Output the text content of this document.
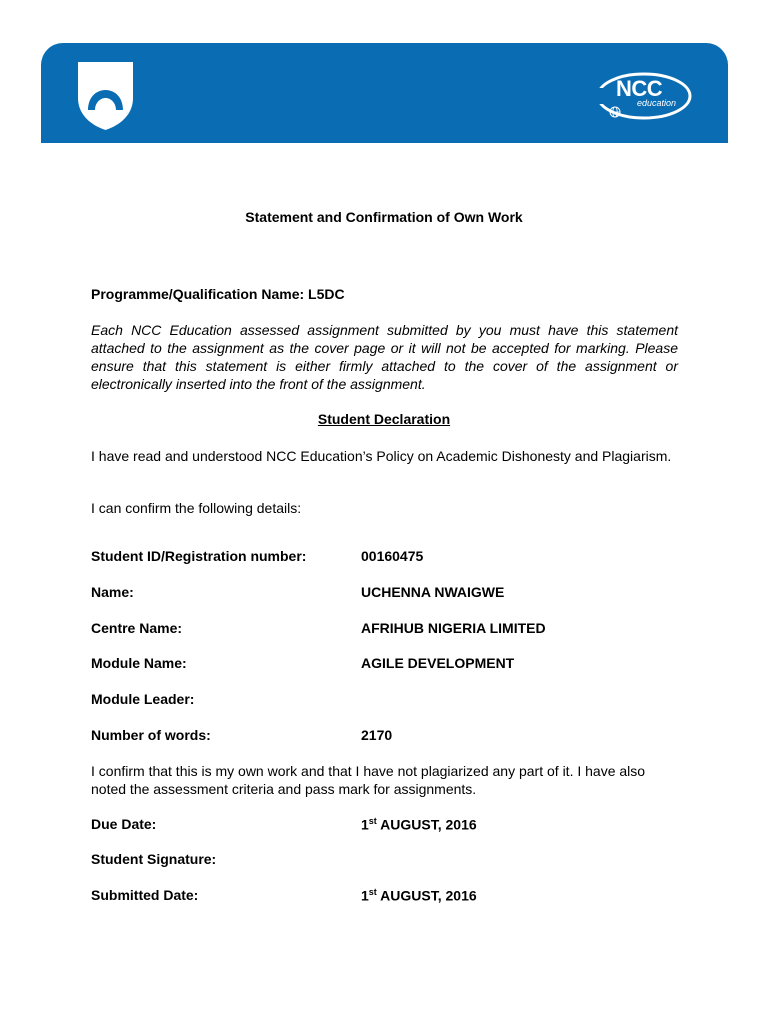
NCC
education
Statement and Confirmation of Own Work
Programme/Qualification Name: L5DC
Each NCC Education assessed assignment submitted by you must have this statement attached to the assignment as the cover page or it will not be accepted for marking. Please ensure that this statement is either firmly attached to the cover of the assignment or electronically inserted into the front of the assignment.
Student Declaration
I have read and understood NCC Education’s Policy on Academic Dishonesty and Plagiarism.
I can confirm the following details:
Student ID/Registration number:	00160475
Name:	UCHENNA NWAIGWE
Centre Name:	AFRIHUB NIGERIA LIMITED
Module Name:	AGILE DEVELOPMENT
Module Leader:
Number of words:	2170
I confirm that this is my own work and that I have not plagiarized any part of it. I have also noted the assessment criteria and pass mark for assignments.
Due Date:	1st AUGUST, 2016
Student Signature:
Submitted Date:	1st AUGUST, 2016
